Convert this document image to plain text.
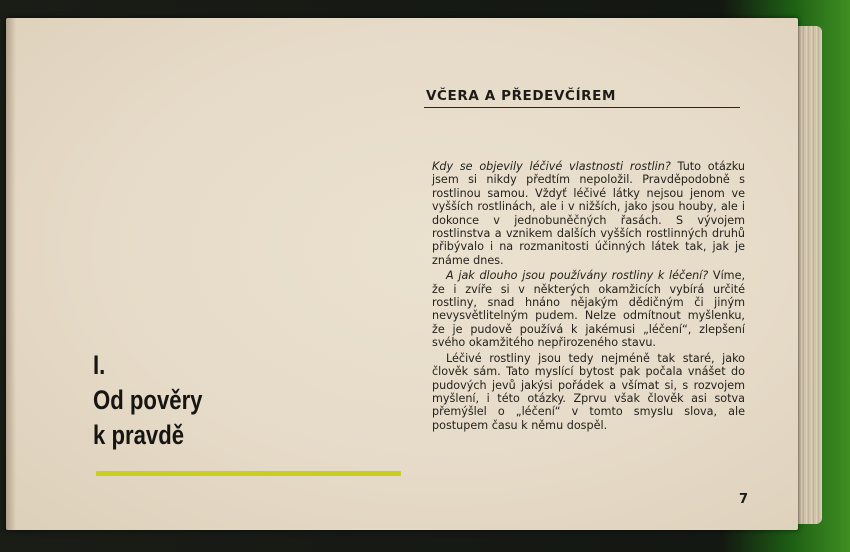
VČERA A PŘEDEVČÍREM

Kdy se objevily léčivé vlastnosti rostlin? Tuto otázku jsem si nikdy předtím nepoložil. Pravděpodobně s rostlinou samou. Vždyť léčivé látky nejsou jenom ve vyšších rostlinách, ale i v nižších, jako jsou houby, ale i dokonce v jednobuněčných řasách. S vývojem rostlinstva a vznikem dalších vyšších rostlinných druhů přibývalo i na rozmanitosti účinných látek tak, jak je známe dnes.

A jak dlouho jsou používány rostliny k léčení? Víme, že i zvíře si v některých okamžicích vybírá určité rostliny, snad hnáno nějakým dědičným či jiným nevysvětlitelným pudem. Nelze odmítnout myšlenku, že je pudově používá k jakémusi „léčení“, zlepšení svého okamžitého nepřirozeného stavu.

Léčivé rostliny jsou tedy nejméně tak staré, jako člověk sám. Tato myslící bytost pak počala vnášet do pudových jevů jakýsi pořádek a všímat si, s rozvojem myšlení, i této otázky. Zprvu však člověk asi sotva přemýšlel o „léčení“ v tomto smyslu slova, ale postupem času k němu dospěl.

I.
Od pověry
k pravdě
7
